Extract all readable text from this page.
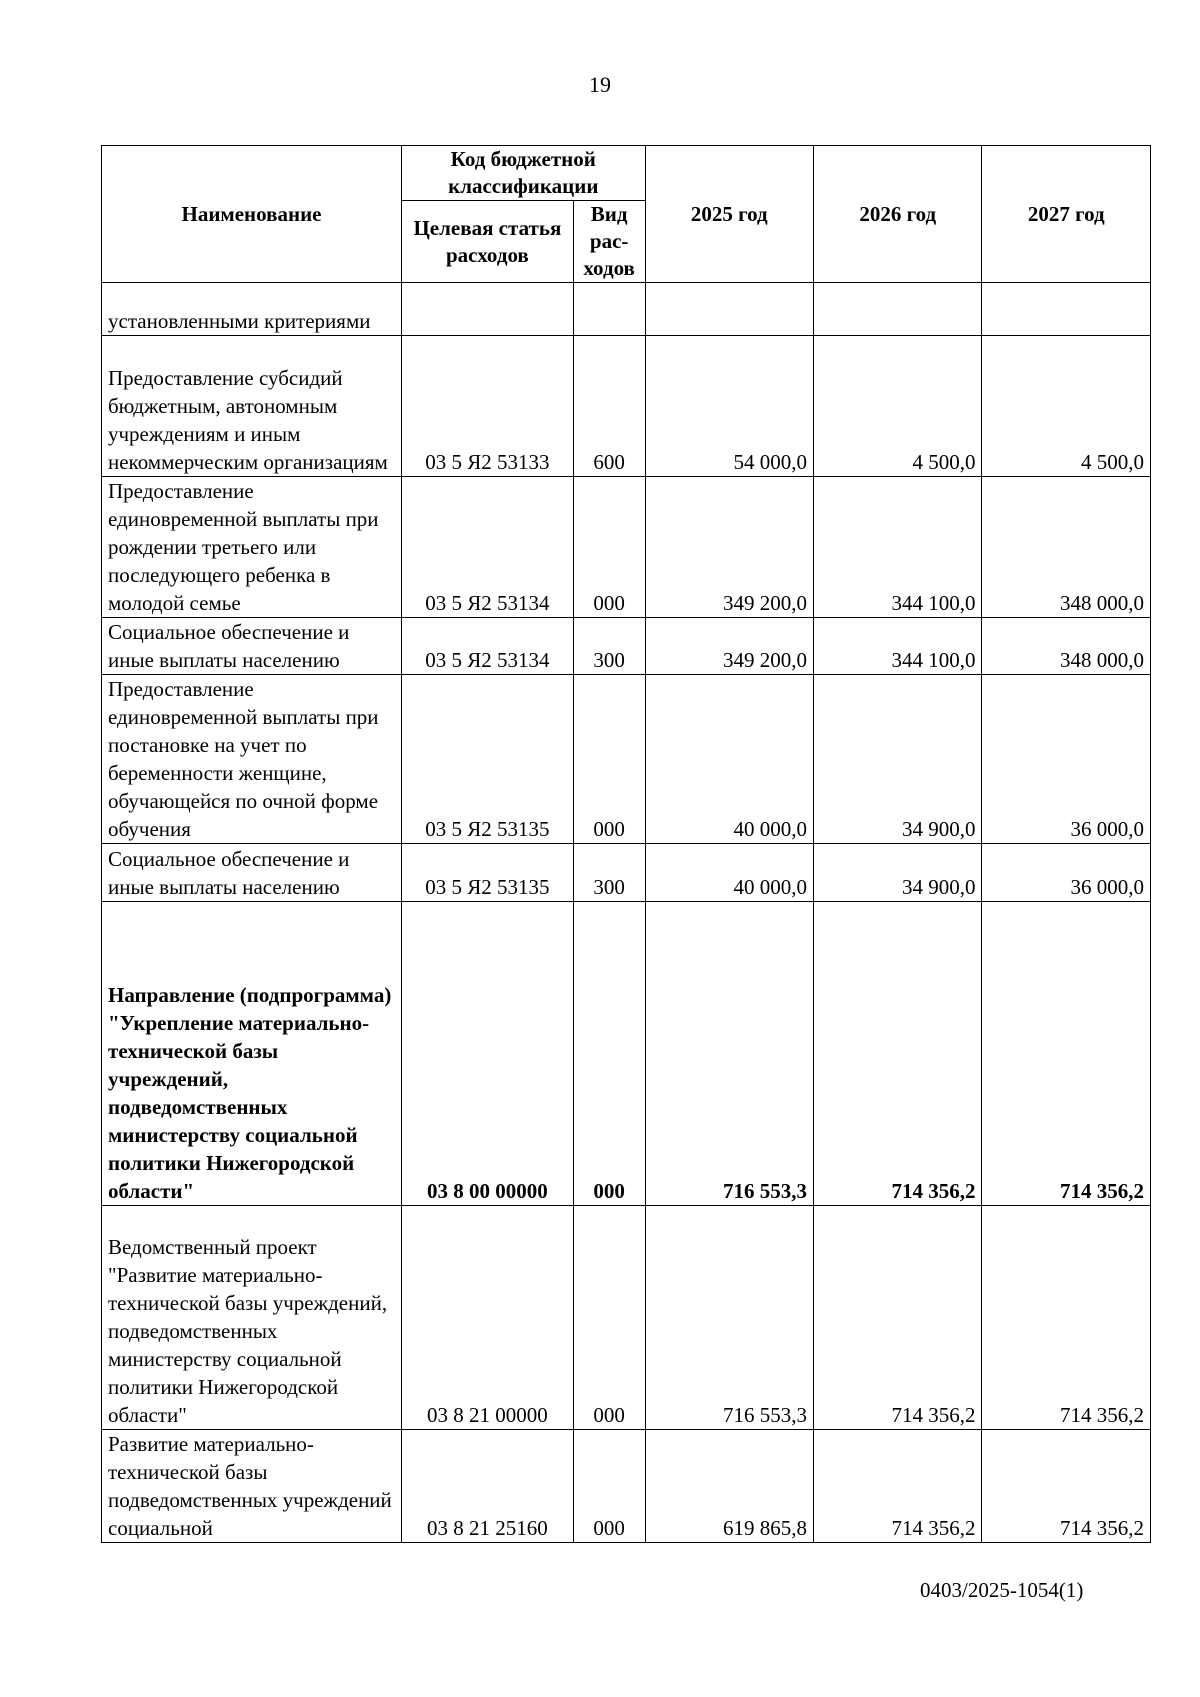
19
Наименование	Код бюджетной классификации		2025 год	2026 год	2027 год
	Целевая статья расходов	Вид рас-ходов			
установленными критериями					
Предоставление субсидий бюджетным, автономным учреждениям и иным некоммерческим организациям	03 5 Я2 53133	600	54 000,0	4 500,0	4 500,0
Предоставление единовременной выплаты при рождении третьего или последующего ребенка в молодой семье	03 5 Я2 53134	000	349 200,0	344 100,0	348 000,0
Социальное обеспечение и иные выплаты населению	03 5 Я2 53134	300	349 200,0	344 100,0	348 000,0
Предоставление единовременной выплаты при постановке на учет по беременности женщине, обучающейся по очной форме обучения	03 5 Я2 53135	000	40 000,0	34 900,0	36 000,0
Социальное обеспечение и иные выплаты населению	03 5 Я2 53135	300	40 000,0	34 900,0	36 000,0
Направление (подпрограмма) "Укрепление материально-технической базы учреждений, подведомственных министерству социальной политики Нижегородской области"	03 8 00 00000	000	716 553,3	714 356,2	714 356,2
Ведомственный проект "Развитие материально-технической базы учреждений, подведомственных министерству социальной политики Нижегородской области"	03 8 21 00000	000	716 553,3	714 356,2	714 356,2
Развитие материально-технической базы подведомственных учреждений социальной	03 8 21 25160	000	619 865,8	714 356,2	714 356,2
0403/2025-1054(1)
